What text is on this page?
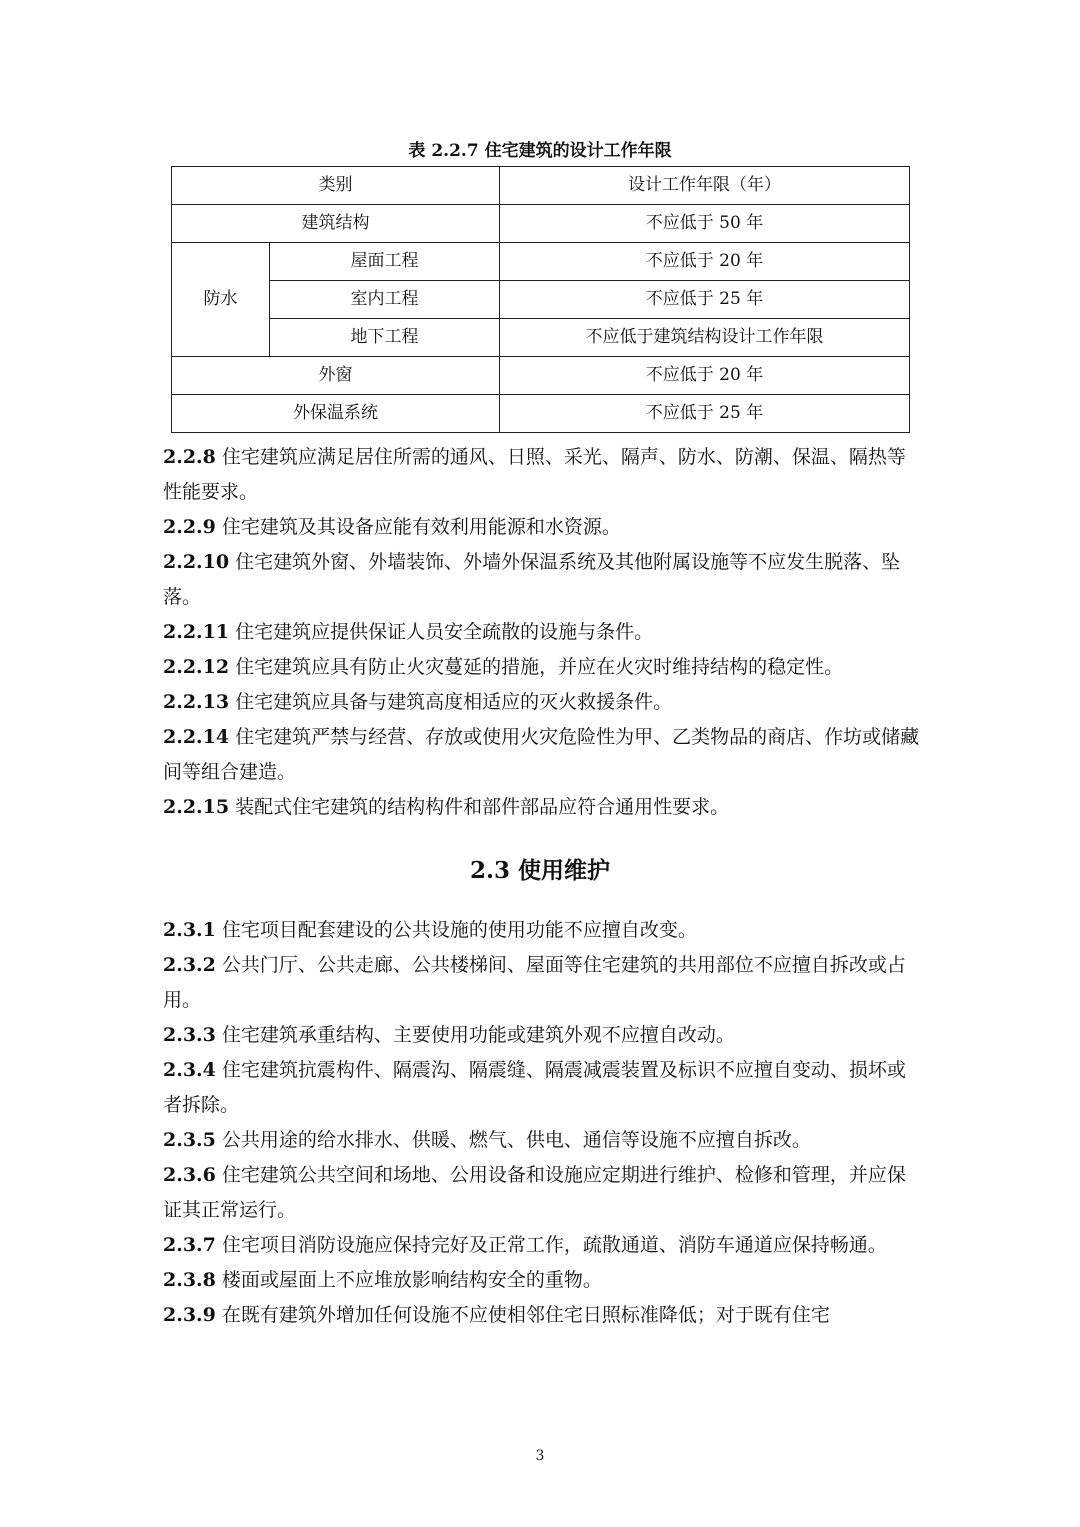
表 2.2.7 住宅建筑的设计工作年限
类别		设计工作年限（年）
建筑结构		不应低于 50 年
防水	屋面工程	不应低于 20 年
	室内工程	不应低于 25 年
	地下工程	不应低于建筑结构设计工作年限
外窗		不应低于 20 年
外保温系统		不应低于 25 年

2.2.8 住宅建筑应满足居住所需的通风、日照、采光、隔声、防水、防潮、保温、隔热等性能要求。

2.2.9 住宅建筑及其设备应能有效利用能源和水资源。

2.2.10 住宅建筑外窗、外墙装饰、外墙外保温系统及其他附属设施等不应发生脱落、坠落。

2.2.11 住宅建筑应提供保证人员安全疏散的设施与条件。

2.2.12 住宅建筑应具有防止火灾蔓延的措施，并应在火灾时维持结构的稳定性。

2.2.13 住宅建筑应具备与建筑高度相适应的灭火救援条件。

2.2.14 住宅建筑严禁与经营、存放或使用火灾危险性为甲、乙类物品的商店、作坊或储藏间等组合建造。

2.2.15 装配式住宅建筑的结构构件和部件部品应符合通用性要求。

2.3 使用维护

2.3.1 住宅项目配套建设的公共设施的使用功能不应擅自改变。

2.3.2 公共门厅、公共走廊、公共楼梯间、屋面等住宅建筑的共用部位不应擅自拆改或占用。

2.3.3 住宅建筑承重结构、主要使用功能或建筑外观不应擅自改动。

2.3.4 住宅建筑抗震构件、隔震沟、隔震缝、隔震减震装置及标识不应擅自变动、损坏或者拆除。

2.3.5 公共用途的给水排水、供暖、燃气、供电、通信等设施不应擅自拆改。

2.3.6 住宅建筑公共空间和场地、公用设备和设施应定期进行维护、检修和管理，并应保证其正常运行。

2.3.7 住宅项目消防设施应保持完好及正常工作，疏散通道、消防车通道应保持畅通。

2.3.8 楼面或屋面上不应堆放影响结构安全的重物。

2.3.9 在既有建筑外增加任何设施不应使相邻住宅日照标准降低；对于既有住宅

3
